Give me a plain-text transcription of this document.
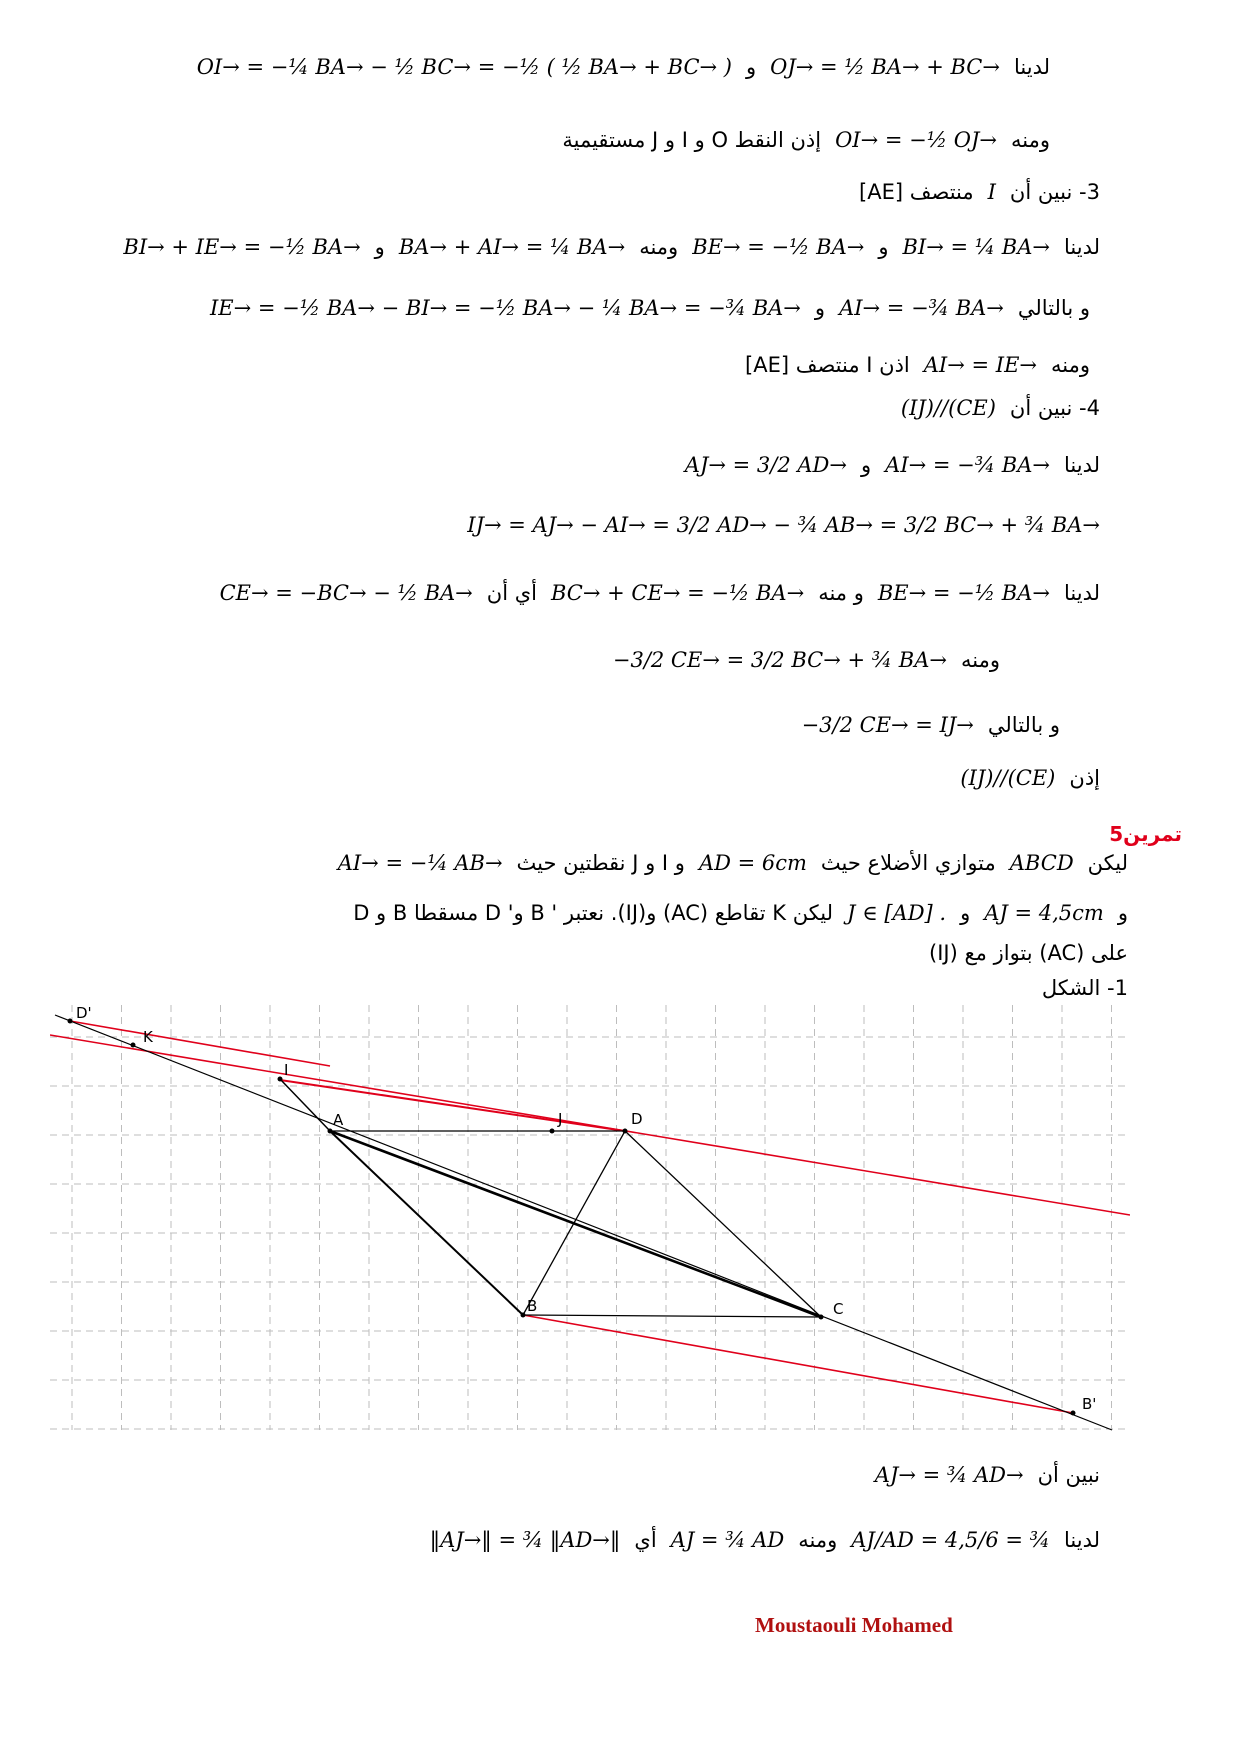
لدينا
OJ→ = ½ BA→ + BC→
و
OI→ = −¼ BA→ − ½ BC→ = −½ ( ½ BA→ + BC→ )
ومنه
OI→ = −½ OJ→
إذن النقط O و I و J مستقيمية
3- نبين أن
I
منتصف [AE]
لدينا
BI→ = ¼ BA→
و
BE→ = −½ BA→
ومنه
BA→ + AI→ = ¼ BA→
و
BI→ + IE→ = −½ BA→
و بالتالي
AI→ = −¾ BA→
و
IE→ = −½ BA→ − BI→ = −½ BA→ − ¼ BA→ = −¾ BA→
ومنه
AI→ = IE→
اذن I منتصف [AE]
4- نبين أن
(IJ)//(CE)
لدينا
AI→ = −¾ BA→
و
AJ→ = 3/2 AD→
IJ→ = AJ→ − AI→ = 3/2 AD→ − ¾ AB→ = 3/2 BC→ + ¾ BA→
لدينا
BE→ = −½ BA→
و منه
BC→ + CE→ = −½ BA→
أي أن
CE→ = −BC→ − ½ BA→
ومنه
−3/2 CE→ = 3/2 BC→ + ¾ BA→
و بالتالي
−3/2 CE→ = IJ→
إذن
(IJ)//(CE)
تمرين5
ليكن
ABCD
متوازي الأضلاع حيث
AD = 6cm
و I و J نقطتين حيث
AI→ = −¼ AB→
و
AJ = 4,5cm
و
J ∈ [AD] .
ليكن K تقاطع (AC) و(IJ). نعتبر ' B و' D مسقطا B و D
على (AC) بتواز مع (IJ)
1- الشكل
D'
K
I
A	J	D
B	C
B'
نبين أن
AJ→ = ¾ AD→
لدينا
AJ/AD = 4,5/6 = ¾
ومنه
AJ = ¾ AD
أي
‖AJ→‖ = ¾ ‖AD→‖
Moustaouli Mohamed
